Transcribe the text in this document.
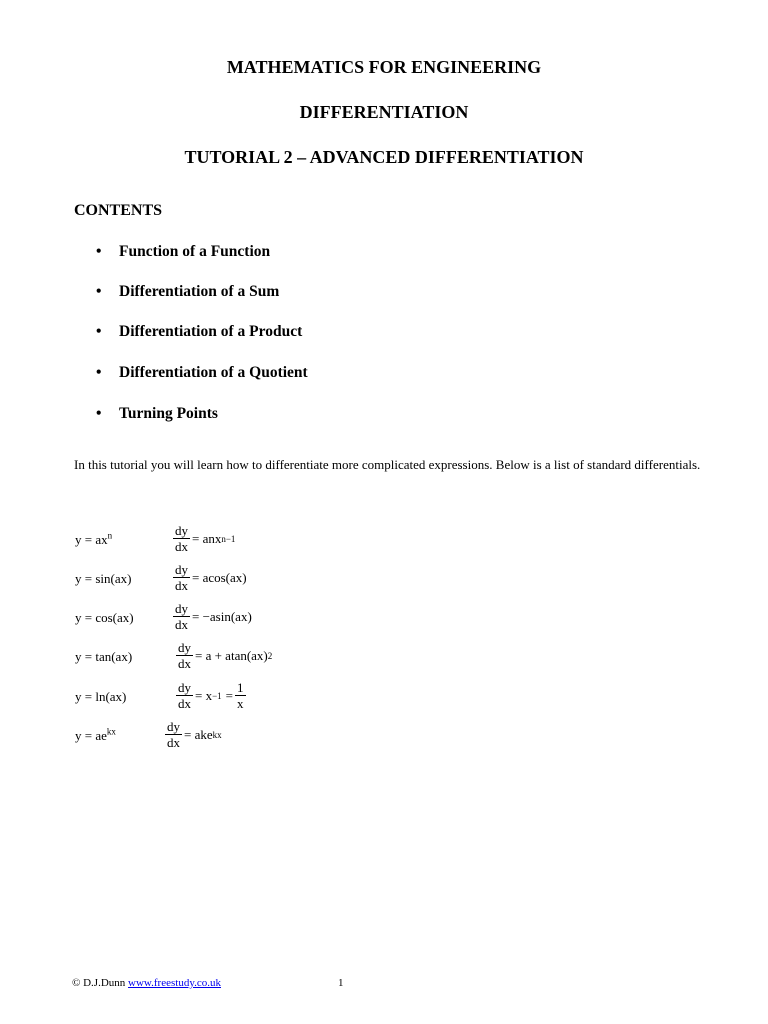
MATHEMATICS FOR ENGINEERING
DIFFERENTIATION
TUTORIAL 2 – ADVANCED DIFFERENTIATION
CONTENTS
• Function of a Function
• Differentiation of a Sum
• Differentiation of a Product
• Differentiation of a Quotient
• Turning Points
In this tutorial you will learn how to differentiate more complicated expressions. Below is a list of standard differentials.
$y = ax^n$	$\frac{dy}{dx}$ = anx n−1
y = sin(ax)	$\frac{dy}{dx} = acos(ax)$
y = cos(ax)	$\frac{dy}{dx} = -asin(ax)$
y = tan(ax)	$\frac{dy}{dx} = a + atan(ax)$ 2
y = ln(ax)	$\frac{dy}{dx} = x -1 = \frac{1}{x}$
$y = ae^{kx}$	$\frac{dy}{dx}$ = ake kx
© D.J.Dunn www.freestudy.co.uk	1
